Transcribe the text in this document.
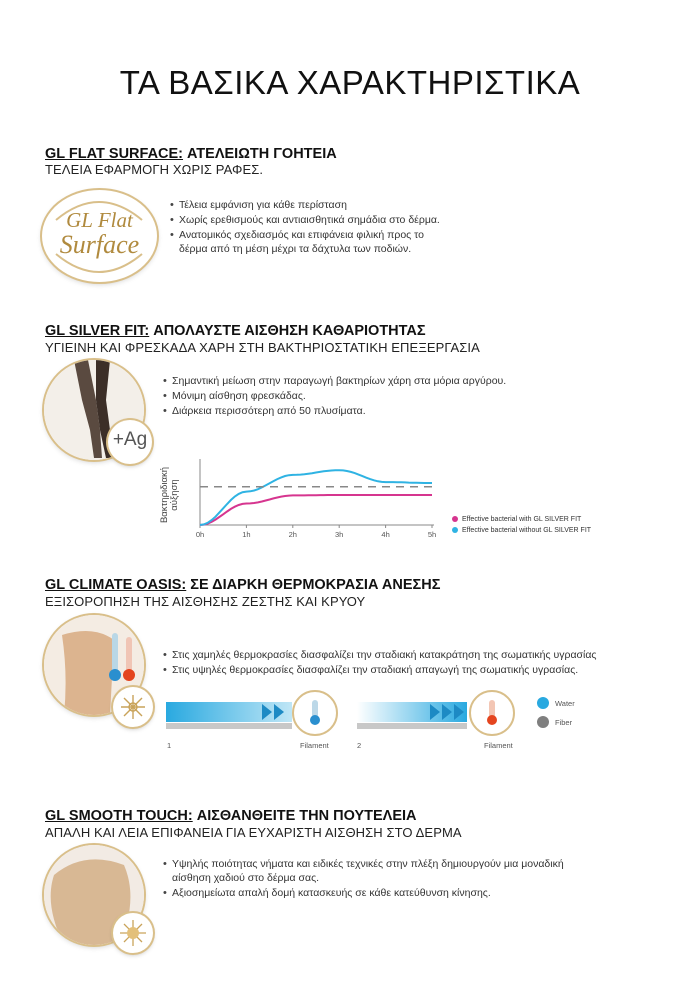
ΤΑ ΒΑΣΙΚΑ ΧΑΡΑΚΤΗΡΙΣΤΙΚΑ
GL FLAT SURFACE: ΑΤΕΛΕΙΩΤΗ ΓΟΗΤΕΙΑ
ΤΕΛΕΙΑ ΕΦΑΡΜΟΓΗ ΧΩΡΙΣ ΡΑΦΕΣ.
GL Flat
Surface
• Τέλεια εμφάνιση για κάθε περίσταση
• Χωρίς ερεθισμούς και αντιαισθητικά σημάδια στο δέρμα.
• Ανατομικός σχεδιασμός και επιφάνεια φιλική προς το δέρμα από τη μέση μέχρι τα δάχτυλα των ποδιών.
GL SILVER FIT: ΑΠΟΛΑΥΣΤΕ ΑΙΣΘΗΣΗ ΚΑΘΑΡΙΟΤΗΤΑΣ
ΥΓΙΕΙΝΗ ΚΑΙ ΦΡΕΣΚΑΔΑ ΧΑΡΗ ΣΤΗ ΒΑΚΤΗΡΙΟΣΤΑΤΙΚΗ ΕΠΕΞΕΡΓΑΣΙΑ
+Ag
• Σημαντική μείωση στην παραγωγή βακτηρίων χάρη στα μόρια αργύρου.
• Μόνιμη αίσθηση φρεσκάδας.
• Διάρκεια περισσότερη από 50 πλυσίματα.
Βακτηριδιακή αύξηση
0h	1h	2h	3h	4h	5h
Effective bacterial with GL SILVER FIT
Effective bacterial without GL SILVER FIT
GL CLIMATE OASIS: ΣΕ ΔΙΑΡΚΗ ΘΕΡΜΟΚΡΑΣΙΑ ΑΝΕΣΗΣ
ΕΞΙΣΟΡΟΠΗΣΗ ΤΗΣ ΑΙΣΘΗΣΗΣ ΖΕΣΤΗΣ ΚΑΙ ΚΡΥΟΥ
• Στις χαμηλές θερμοκρασίες διασφαλίζει την σταδιακή κατακράτηση της σωματικής υγρασίας
• Στις υψηλές θερμοκρασίες διασφαλίζει την σταδιακή απαγωγή της σωματικής υγρασίας.
Water
Fiber
1	Filament	2	Filament
GL SMOOTH TOUCH: ΑΙΣΘΑΝΘΕΙΤΕ ΤΗΝ ΠΟΥΤΕΛΕΙΑ
ΑΠΑΛΗ ΚΑΙ ΛΕΙΑ ΕΠΙΦΑΝΕΙΑ ΓΙΑ ΕΥΧΑΡΙΣΤΗ ΑΙΣΘΗΣΗ ΣΤΟ ΔΕΡΜΑ
• Υψηλής ποιότητας νήματα και ειδικές τεχνικές στην πλέξη δημιουργούν μια μοναδική αίσθηση χαδιού στο δέρμα σας.
• Αξιοσημείωτα απαλή δομή κατασκευής σε κάθε κατεύθυνση κίνησης.
